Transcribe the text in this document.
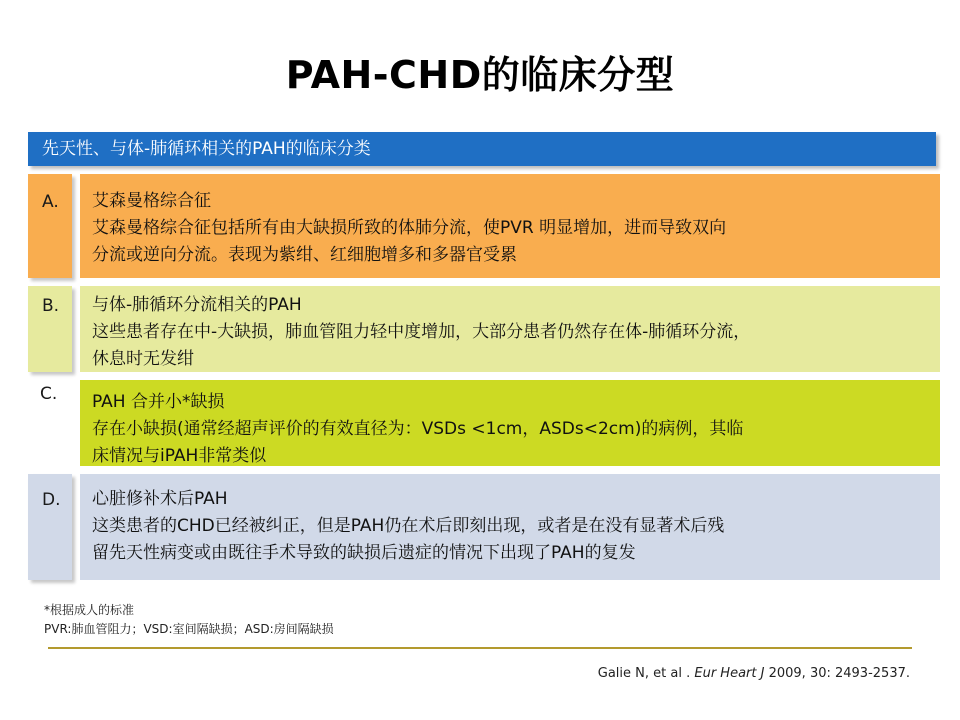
PAH-CHD的临床分型
先天性、与体-肺循环相关的PAH的临床分类
A. 艾森曼格综合征
艾森曼格综合征包括所有由大缺损所致的体肺分流，使PVR 明显增加，进而导致双向
分流或逆向分流。表现为紫绀、红细胞增多和多器官受累
B. 与体-肺循环分流相关的PAH
这些患者存在中-大缺损，肺血管阻力轻中度增加，大部分患者仍然存在体-肺循环分流，
休息时无发绀
C. PAH 合并小*缺损
存在小缺损(通常经超声评价的有效直径为：VSDs <1cm，ASDs<2cm)的病例，其临
床情况与iPAH非常类似
D. 心脏修补术后PAH
这类患者的CHD已经被纠正，但是PAH仍在术后即刻出现，或者是在没有显著术后残
留先天性病变或由既往手术导致的缺损后遗症的情况下出现了PAH的复发
*根据成人的标准
PVR:肺血管阻力；VSD:室间隔缺损；ASD:房间隔缺损
Galie N, et al . Eur Heart J 2009, 30: 2493-2537.
